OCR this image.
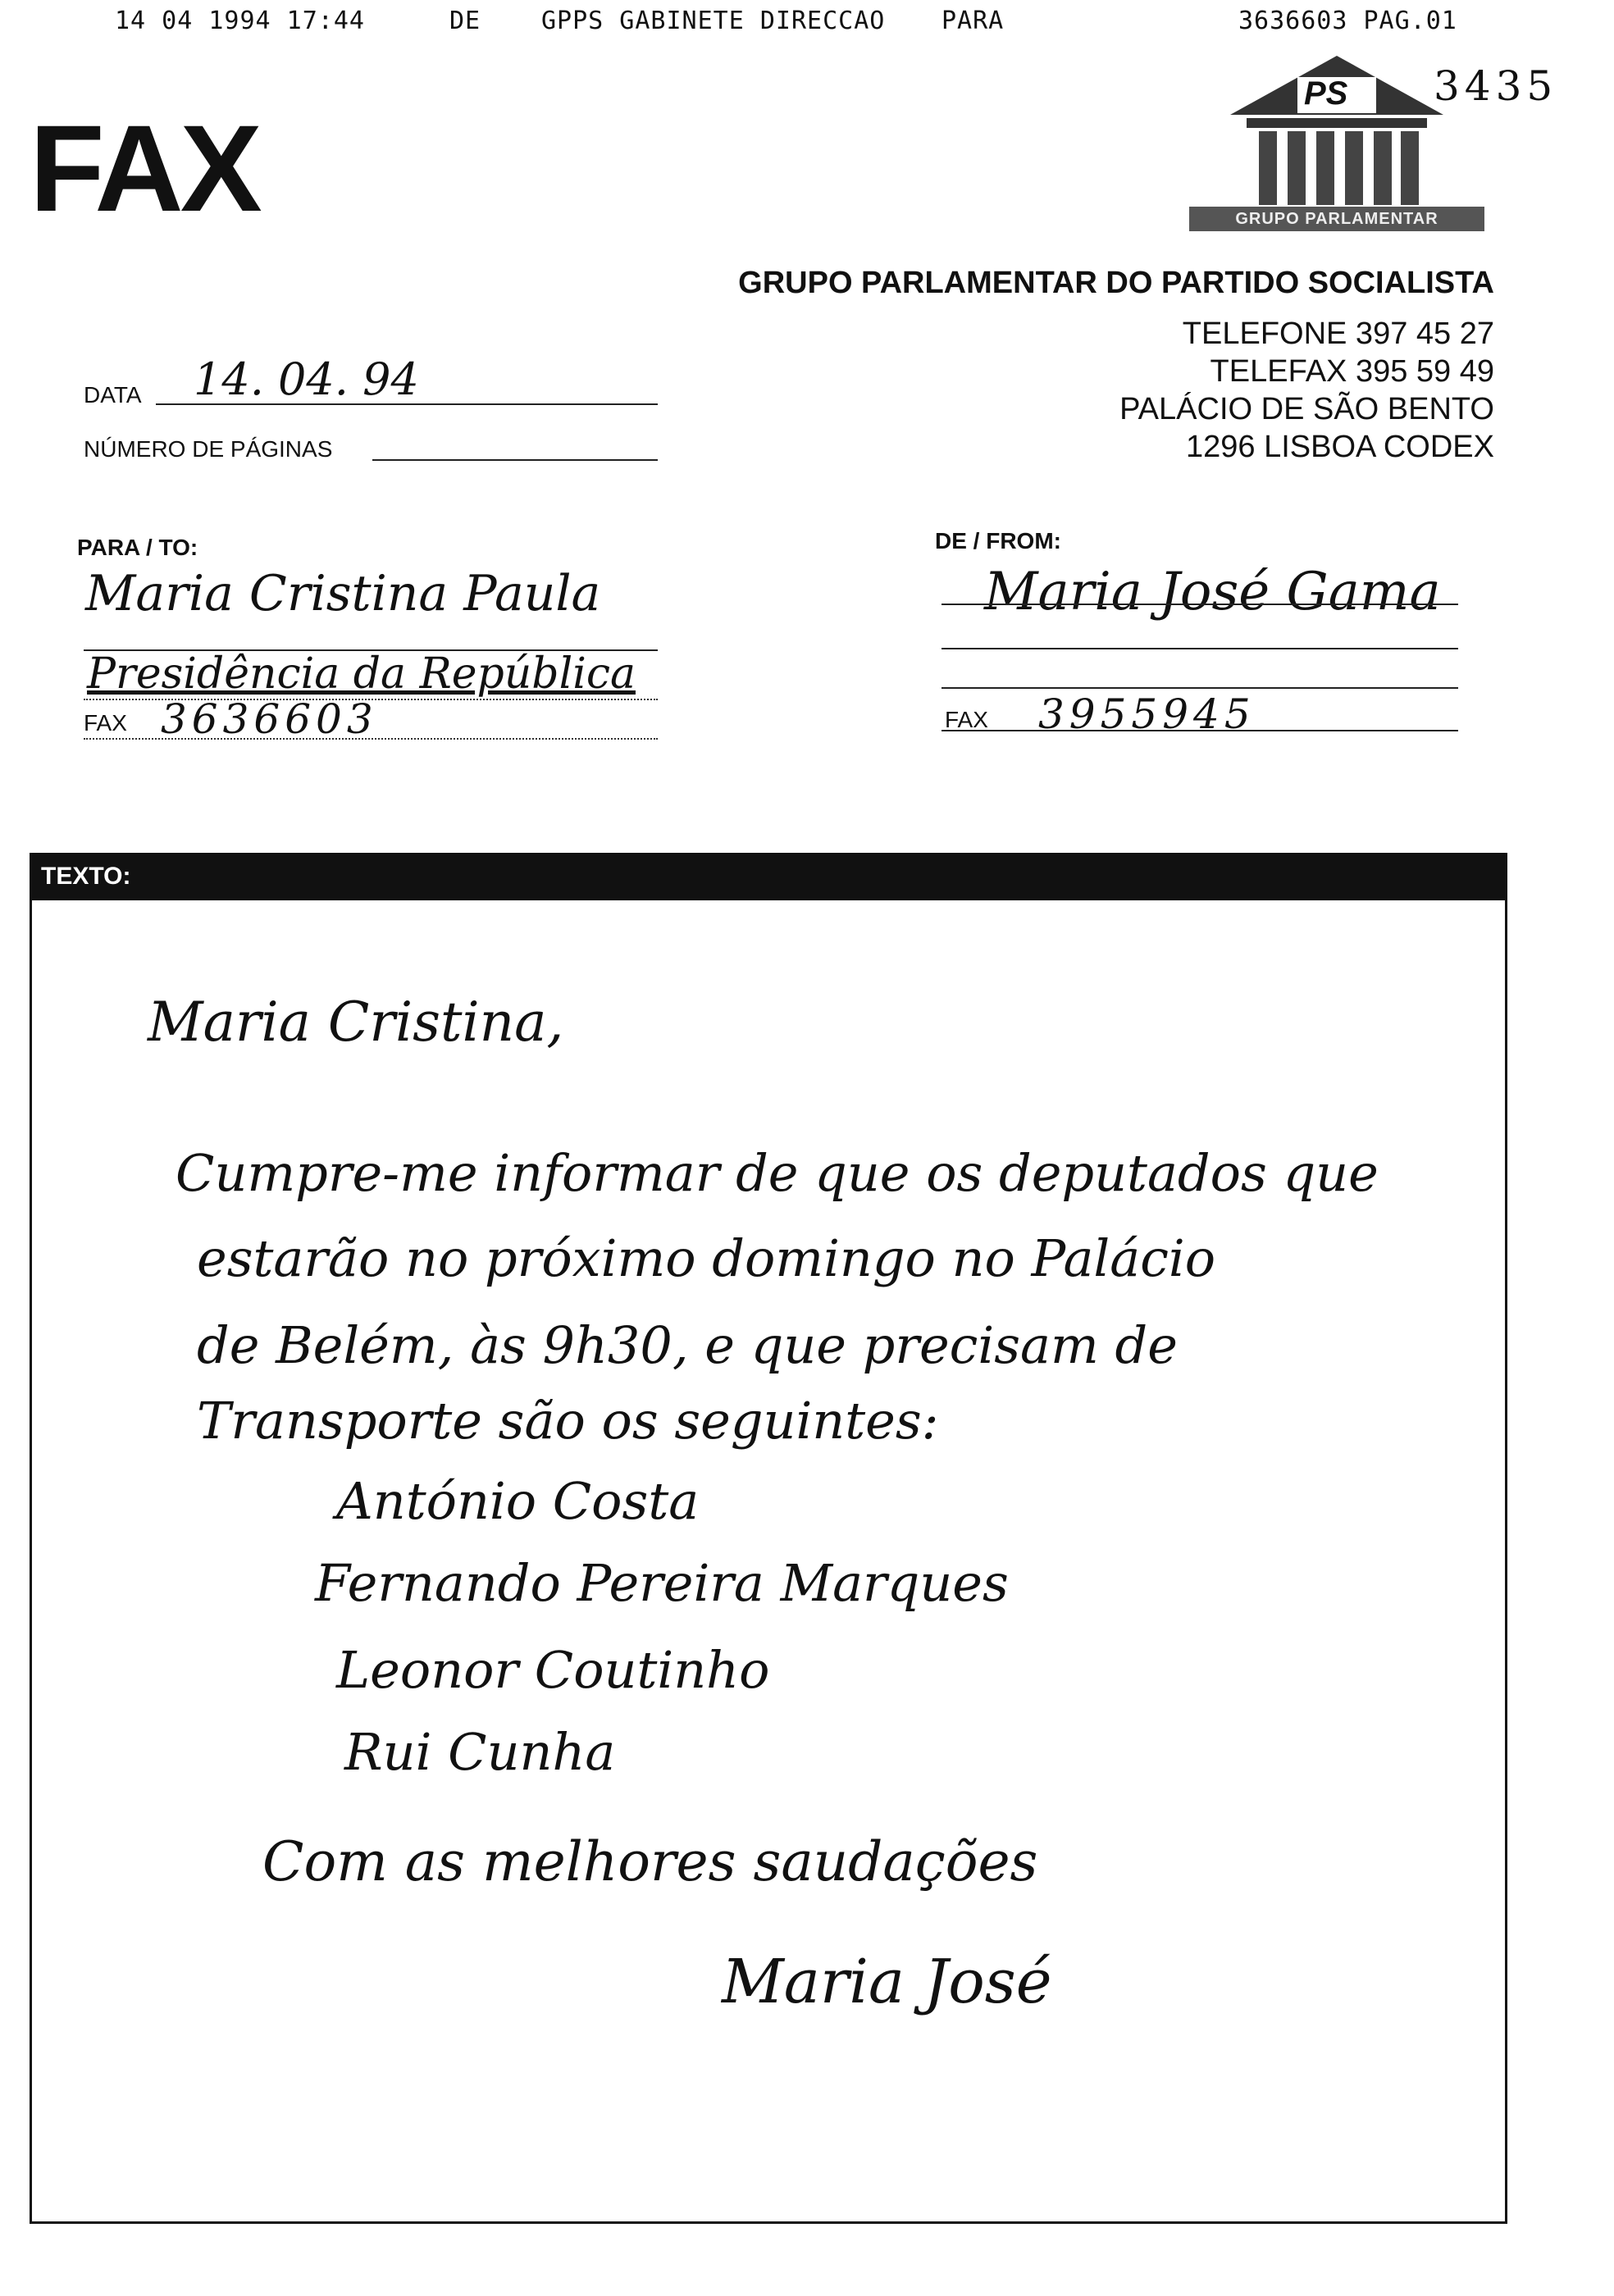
14 04 1994 17:44	DE GPPS GABINETE DIRECCAO PARA	3636603 PAG.01
FAX
PS
GRUPO PARLAMENTAR
3435
GRUPO PARLAMENTAR DO PARTIDO SOCIALISTA
TELEFONE 397 45 27
TELEFAX 395 59 49
PALÁCIO DE SÃO BENTO
1296 LISBOA CODEX
DATA 14. 04. 94
NÚMERO DE PÁGINAS
PARA / TO:
Maria Cristina Paula
Presidência da República
FAX 3636603
DE / FROM:
Maria José Gama
FAX 3955945
TEXTO:
Maria Cristina,
Cumpre-me informar de que os deputados que
estarão no próximo domingo no Palácio
de Belém, às 9h30, e que precisam de
Transporte são os seguintes:
António Costa
Fernando Pereira Marques
Leonor Coutinho
Rui Cunha
Com as melhores saudações
Maria José
